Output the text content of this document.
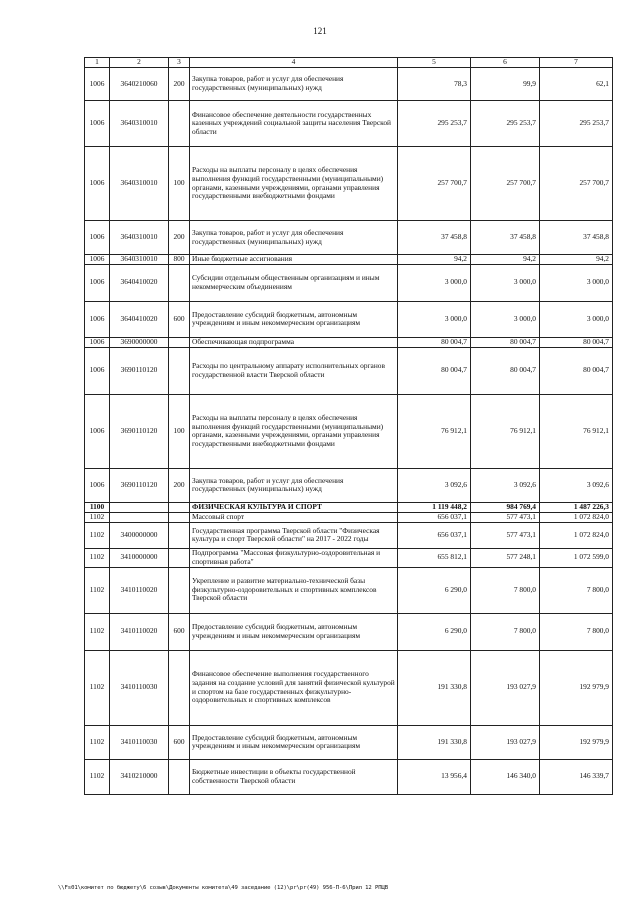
121
1	2	3	4	5	6	7
1006	3640210060	200	Закупка товаров, работ и услуг для обеспечения государственных (муниципальных) нужд	78,3	99,9	62,1
1006	3640310010		Финансовое обеспечение деятельности государственных казенных учреждений социальной защиты населения Тверской области	295 253,7	295 253,7	295 253,7
1006	3640310010	100	Расходы на выплаты персоналу в целях обеспечения выполнения функций государственными (муниципальными) органами, казенными учреждениями, органами управления государственными внебюджетными фондами	257 700,7	257 700,7	257 700,7
1006	3640310010	200	Закупка товаров, работ и услуг для обеспечения государственных (муниципальных) нужд	37 458,8	37 458,8	37 458,8
1006	3640310010	800	Иные бюджетные ассигнования	94,2	94,2	94,2
1006	3640410020		Субсидии отдельным общественным организациям и иным некоммерческим объединениям	3 000,0	3 000,0	3 000,0
1006	3640410020	600	Предоставление субсидий бюджетным, автономным учреждениям и иным некоммерческим организациям	3 000,0	3 000,0	3 000,0
1006	3690000000		Обеспечивающая подпрограмма	80 004,7	80 004,7	80 004,7
1006	3690110120		Расходы по центральному аппарату исполнительных органов государственной власти Тверской области	80 004,7	80 004,7	80 004,7
1006	3690110120	100	Расходы на выплаты персоналу в целях обеспечения выполнения функций государственными (муниципальными) органами, казенными учреждениями, органами управления государственными внебюджетными фондами	76 912,1	76 912,1	76 912,1
1006	3690110120	200	Закупка товаров, работ и услуг для обеспечения государственных (муниципальных) нужд	3 092,6	3 092,6	3 092,6
1100			ФИЗИЧЕСКАЯ КУЛЬТУРА И СПОРТ	1 119 448,2	984 769,4	1 487 226,3
1102			Массовый спорт	656 037,1	577 473,1	1 072 824,0
1102	3400000000		Государственная программа Тверской области "Физическая культура и спорт Тверской области" на 2017 - 2022 годы	656 037,1	577 473,1	1 072 824,0
1102	3410000000		Подпрограмма "Массовая физкультурно-оздоровительная и спортивная работа"	655 812,1	577 248,1	1 072 599,0
1102	3410110020		Укрепление и развитие материально-технической базы физкультурно-оздоровительных и спортивных комплексов Тверской области	6 290,0	7 800,0	7 800,0
1102	3410110020	600	Предоставление субсидий бюджетным, автономным учреждениям и иным некоммерческим организациям	6 290,0	7 800,0	7 800,0
1102	3410110030		Финансовое обеспечение выполнения государственного задания на создание условий для занятий физической культурой и спортом на базе государственных физкультурно-оздоровительных и спортивных комплексов	191 330,8	193 027,9	192 979,9
1102	3410110030	600	Предоставление субсидий бюджетным, автономным учреждениям и иным некоммерческим организациям	191 330,8	193 027,9	192 979,9
1102	3410210000		Бюджетные инвестиции в объекты государственной собственности Тверской области	13 956,4	146 340,0	146 339,7
\\Fs01\комитет по бюджету\6 созыв\Документы комитета\49 заседание (12)\pr\pr(49) 956-П-6\Прил 12 РПЦВ
